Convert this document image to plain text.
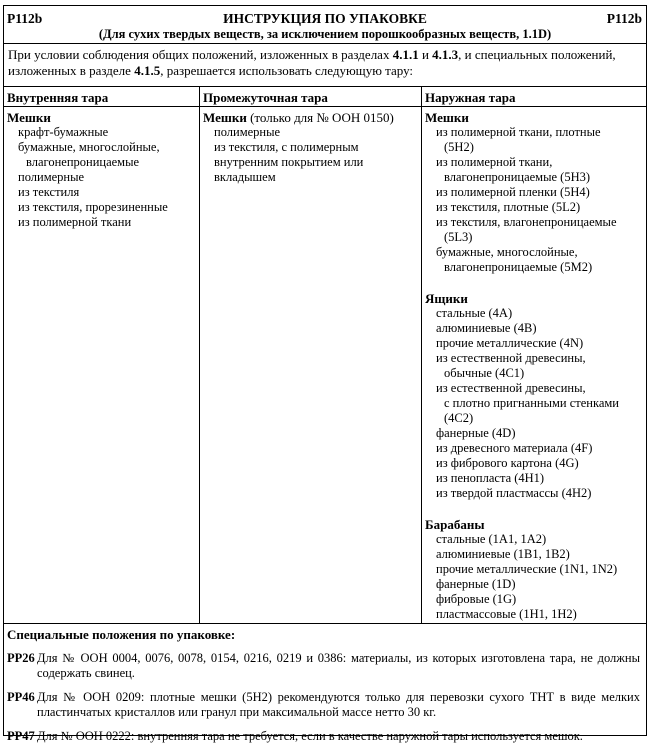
P112b	P112b
ИНСТРУКЦИЯ ПО УПАКОВКЕ
(Для сухих твердых веществ, за исключением порошкообразных веществ, 1.1D)
При условии соблюдения общих положений, изложенных в разделах 4.1.1 и 4.1.3, и специальных положений, изложенных в разделе 4.1.5, разрешается использовать следующую тару:
Внутренняя тара
Мешки
крафт-бумажные
бумажные, многослойные,
влагонепроницаемые
полимерные
из текстиля
из текстиля, прорезиненные
из полимерной ткани
Промежуточная тара
Мешки (только для № ООН 0150)
полимерные
из текстиля, с полимерным
внутренним покрытием или
вкладышем
Наружная тара
Мешки
из полимерной ткани, плотные
(5H2)
из полимерной ткани,
влагонепроницаемые (5H3)
из полимерной пленки (5H4)
из текстиля, плотные (5L2)
из текстиля, влагонепроницаемые
(5L3)
бумажные, многослойные,
влагонепроницаемые (5M2)
Ящики
стальные (4A)
алюминиевые (4B)
прочие металлические (4N)
из естественной древесины,
обычные (4C1)
из естественной древесины,
с плотно пригнанными стенками (4C2)
фанерные (4D)
из древесного материала (4F)
из фибрового картона (4G)
из пенопласта (4H1)
из твердой пластмассы (4H2)
Барабаны
стальные (1A1, 1A2)
алюминиевые (1B1, 1B2)
прочие металлические (1N1, 1N2)
фанерные (1D)
фибровые (1G)
пластмассовые (1H1, 1H2)
Специальные положения по упаковке:
PP26 Для № ООН 0004, 0076, 0078, 0154, 0216, 0219 и 0386: материалы, из которых изготовлена тара, не должны содержать свинец.
PP46 Для № ООН 0209: плотные мешки (5H2) рекомендуются только для перевозки сухого ТНТ в виде мелких пластинчатых кристаллов или гранул при максимальной массе нетто 30 кг.
PP47 Для № ООН 0222: внутренняя тара не требуется, если в качестве наружной тары используется мешок.
